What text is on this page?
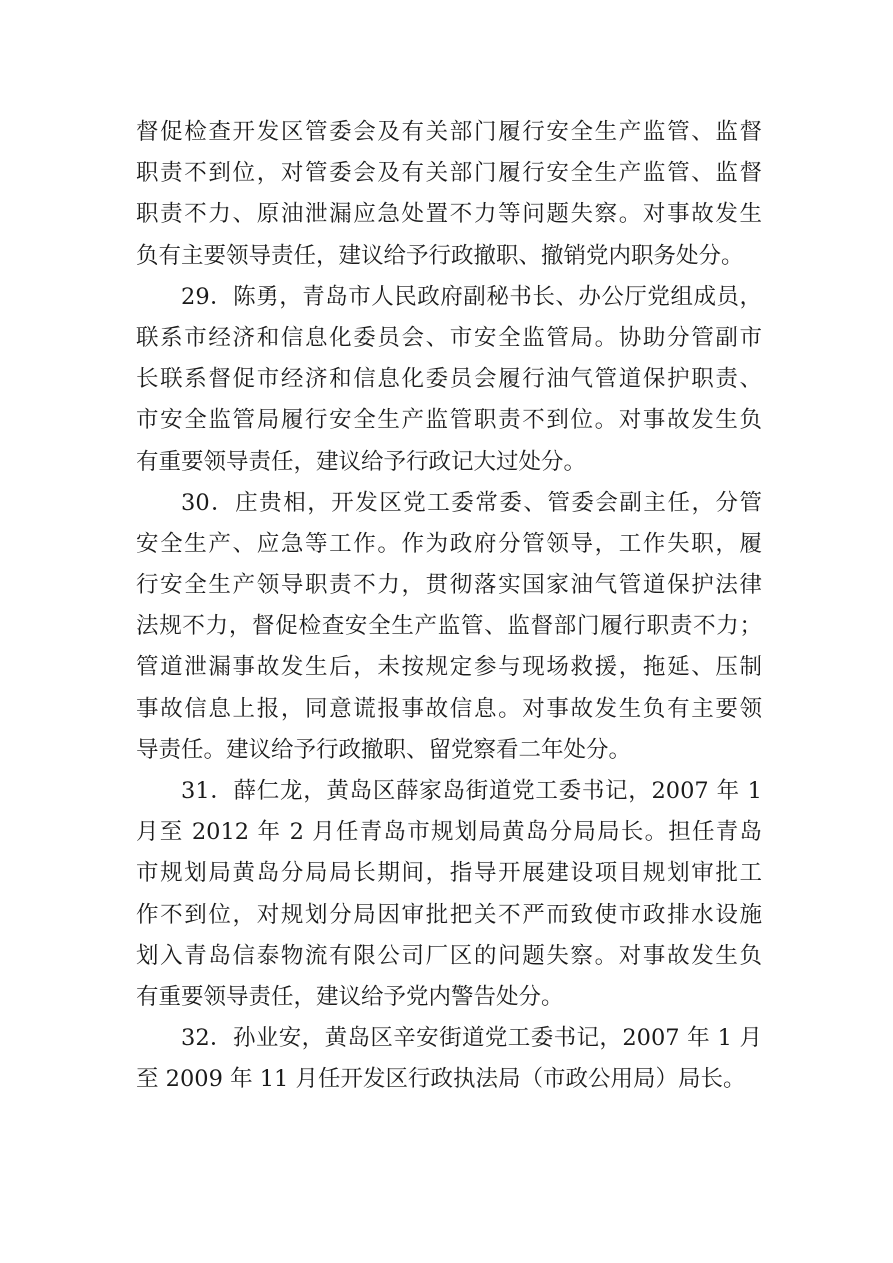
督促检查开发区管委会及有关部门履行安全生产监管、监督
职责不到位，对管委会及有关部门履行安全生产监管、监督
职责不力、原油泄漏应急处置不力等问题失察。对事故发生
负有主要领导责任，建议给予行政撤职、撤销党内职务处分。
29．陈勇，青岛市人民政府副秘书长、办公厅党组成员，
联系市经济和信息化委员会、市安全监管局。协助分管副市
长联系督促市经济和信息化委员会履行油气管道保护职责、
市安全监管局履行安全生产监管职责不到位。对事故发生负
有重要领导责任，建议给予行政记大过处分。
30．庄贵相，开发区党工委常委、管委会副主任，分管
安全生产、应急等工作。作为政府分管领导，工作失职，履
行安全生产领导职责不力，贯彻落实国家油气管道保护法律
法规不力，督促检查安全生产监管、监督部门履行职责不力；
管道泄漏事故发生后，未按规定参与现场救援，拖延、压制
事故信息上报，同意谎报事故信息。对事故发生负有主要领
导责任。建议给予行政撤职、留党察看二年处分。
31．薛仁龙，黄岛区薛家岛街道党工委书记，2007 年 1
月至 2012 年 2 月任青岛市规划局黄岛分局局长。担任青岛
市规划局黄岛分局局长期间，指导开展建设项目规划审批工
作不到位，对规划分局因审批把关不严而致使市政排水设施
划入青岛信泰物流有限公司厂区的问题失察。对事故发生负
有重要领导责任，建议给予党内警告处分。
32．孙业安，黄岛区辛安街道党工委书记，2007 年 1 月
至 2009 年 11 月任开发区行政执法局（市政公用局）局长。
